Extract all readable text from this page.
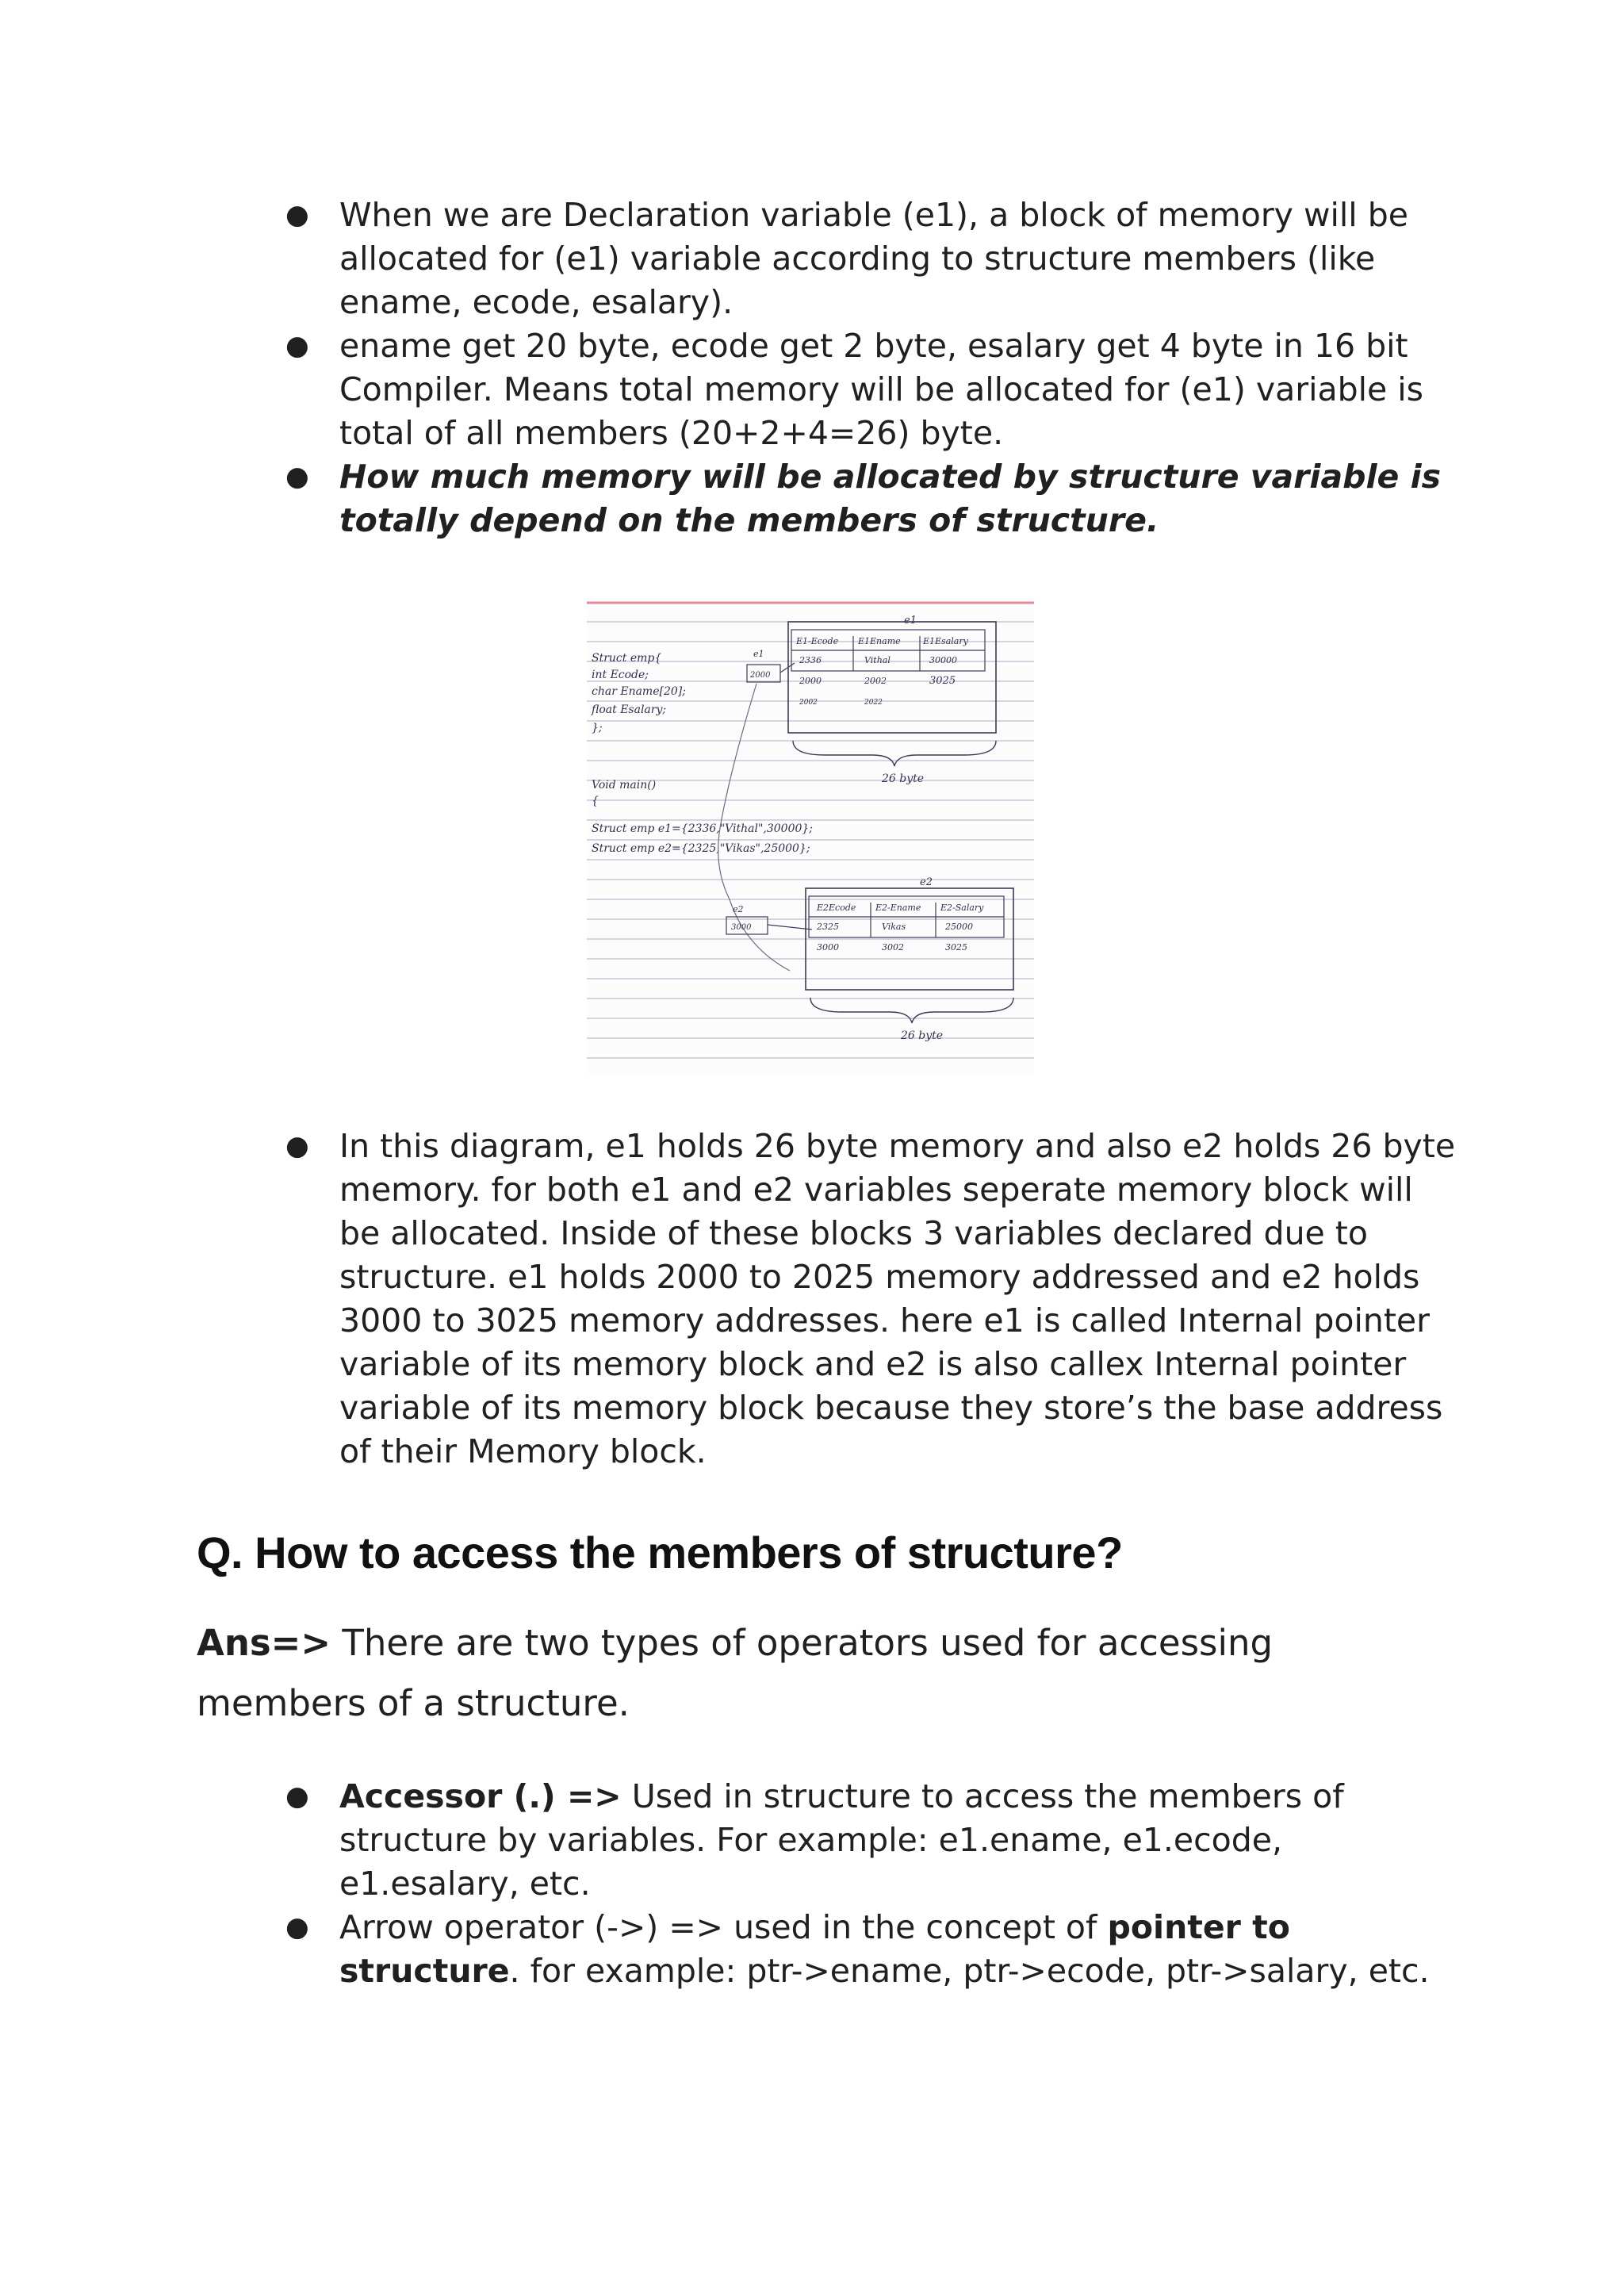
● When we are Declaration variable (e1), a block of memory will be allocated for (e1) variable according to structure members (like ename, ecode, esalary).
● ename get 20 byte, ecode get 2 byte, esalary get 4 byte in 16 bit Compiler. Means total memory will be allocated for (e1) variable is total of all members (20+2+4=26) byte.
● How much memory will be allocated by structure variable is totally depend on the members of structure.
Struct emp{
int Ecode;
char Ename[20];
float Esalary;
};
Void main()
{
Struct emp e1={2336,"Vithal",30000};
Struct emp e2={2325,"Vikas",25000};
e1
E1-Ecode E1Ename	E1Esalary
2336	Vithal	30000
2000	2002	3025
2002	2022
26 byte
e1
2000
e2
E2Ecode E2-Ename E2-Salary
2325	Vikas	25000
3000	3002	3025
26 byte
e2
3000
● In this diagram, e1 holds 26 byte memory and also e2 holds 26 byte memory. for both e1 and e2 variables seperate memory block will be allocated. Inside of these blocks 3 variables declared due to structure. e1 holds 2000 to 2025 memory addressed and e2 holds 3000 to 3025 memory addresses. here e1 is called Internal pointer variable of its memory block and e2 is also callex Internal pointer variable of its memory block because they store’s the base address of their Memory block.
Q. How to access the members of structure?

Ans=> There are two types of operators used for accessing members of a structure.

● Accessor (.) => Used in structure to access the members of structure by variables. For example: e1.ename, e1.ecode, e1.esalary, etc.
● Arrow operator (->) => used in the concept of pointer to structure. for example: ptr->ename, ptr->ecode, ptr->salary, etc.
